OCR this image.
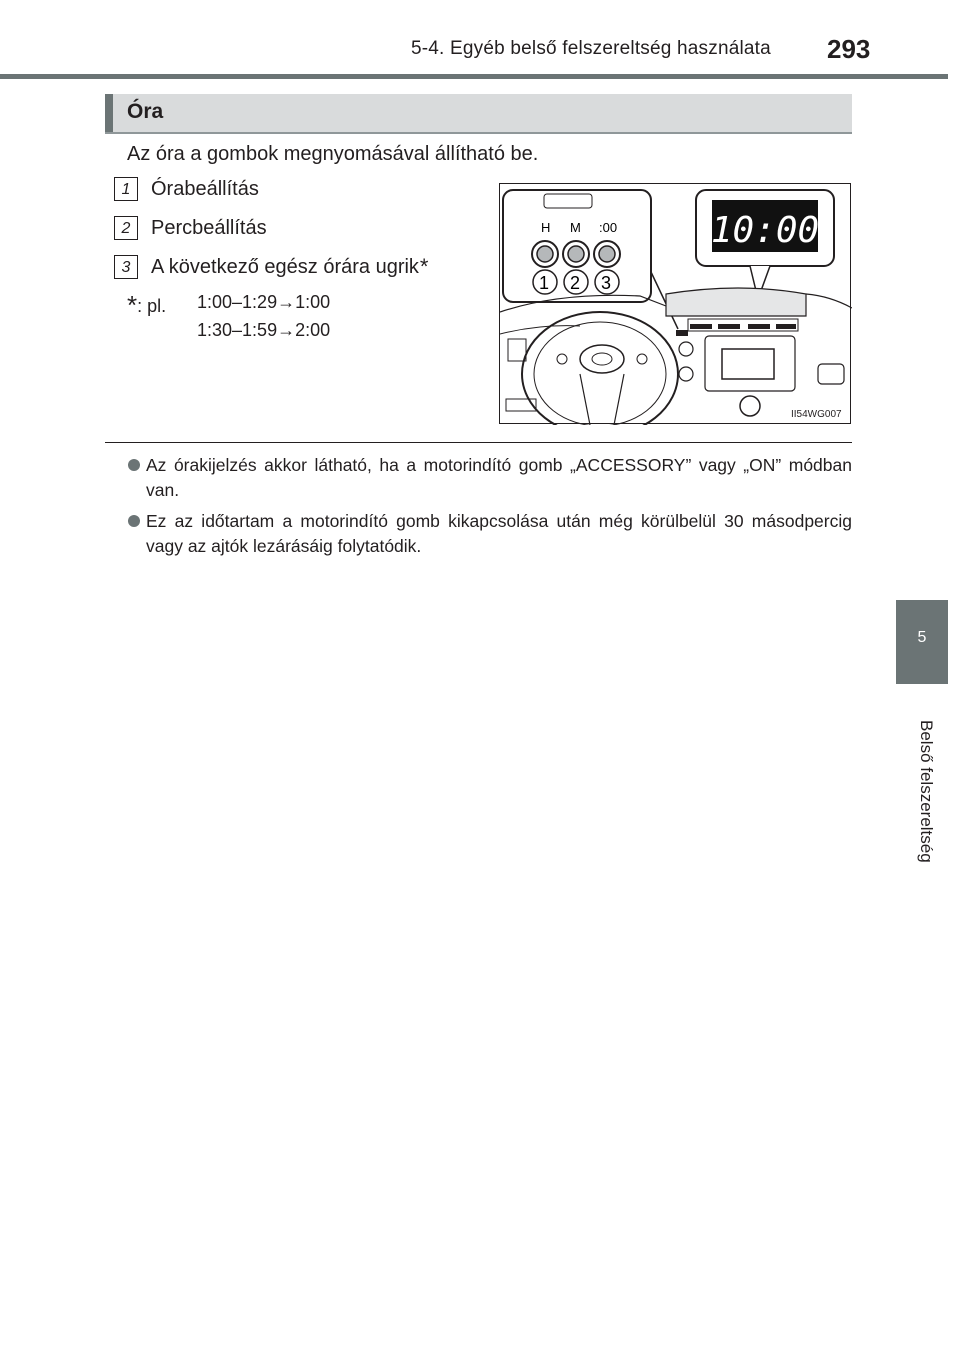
5-4. Egyéb belső felszereltség használata 293
5
Belső felszereltség
Óra
Az óra a gombok megnyomásával állítható be.
1	Órabeállítás
2	Percbeállítás
3	A következő egész órára ugrik *
*: pl. 1:00–1:29→1:00
1:30–1:59→2:00
H M :00
1 2 3
10:00
II54WG007
Az órakijelzés akkor látható, ha a motorindító gomb „ACCESSORY” vagy „ON” módban van.
Ez az időtartam a motorindító gomb kikapcsolása után még körülbelül 30 másodpercig vagy az ajtók lezárásáig folytatódik.
